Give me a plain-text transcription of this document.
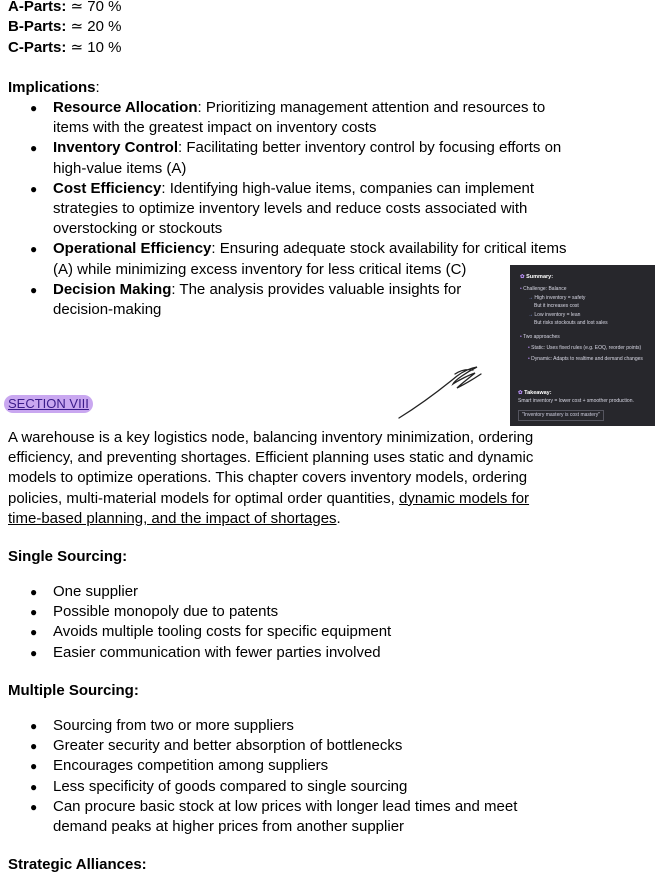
A-Parts: ≃ 70 %
B-Parts: ≃ 20 %
C-Parts: ≃ 10 %
Implications:
● Resource Allocation: Prioritizing management attention and resources to items with the greatest impact on inventory costs
● Inventory Control: Facilitating better inventory control by focusing efforts on high-value items (A)
● Cost Efficiency: Identifying high-value items, companies can implement strategies to optimize inventory levels and reduce costs associated with overstocking or stockouts
● Operational Efficiency: Ensuring adequate stock availability for critical items (A) while minimizing excess inventory for less critical items (C)
● Decision Making: The analysis provides valuable insights for decision-making
✿ Summary:
• Challenge: Balance
→ High inventory = safety
But it increases cost
→ Low inventory = lean
But risks stockouts and lost sales
• Two approaches
• Static: Uses fixed rules (e.g. EOQ, reorder points)
• Dynamic: Adapts to realtime and demand changes
✿ Takeaway:
Smart inventory = lower cost + smoother production.
"Inventory mastery is cost mastery"
SECTION VIII
A warehouse is a key logistics node, balancing inventory minimization, ordering efficiency, and preventing shortages. Efficient planning uses static and dynamic models to optimize operations. This chapter covers inventory models, ordering policies, multi-material models for optimal order quantities, dynamic models for time-based planning, and the impact of shortages.
Single Sourcing:
● One supplier
● Possible monopoly due to patents
● Avoids multiple tooling costs for specific equipment
● Easier communication with fewer parties involved
Multiple Sourcing:
● Sourcing from two or more suppliers
● Greater security and better absorption of bottlenecks
● Encourages competition among suppliers
● Less specificity of goods compared to single sourcing
● Can procure basic stock at low prices with longer lead times and meet demand peaks at higher prices from another supplier
Strategic Alliances:
